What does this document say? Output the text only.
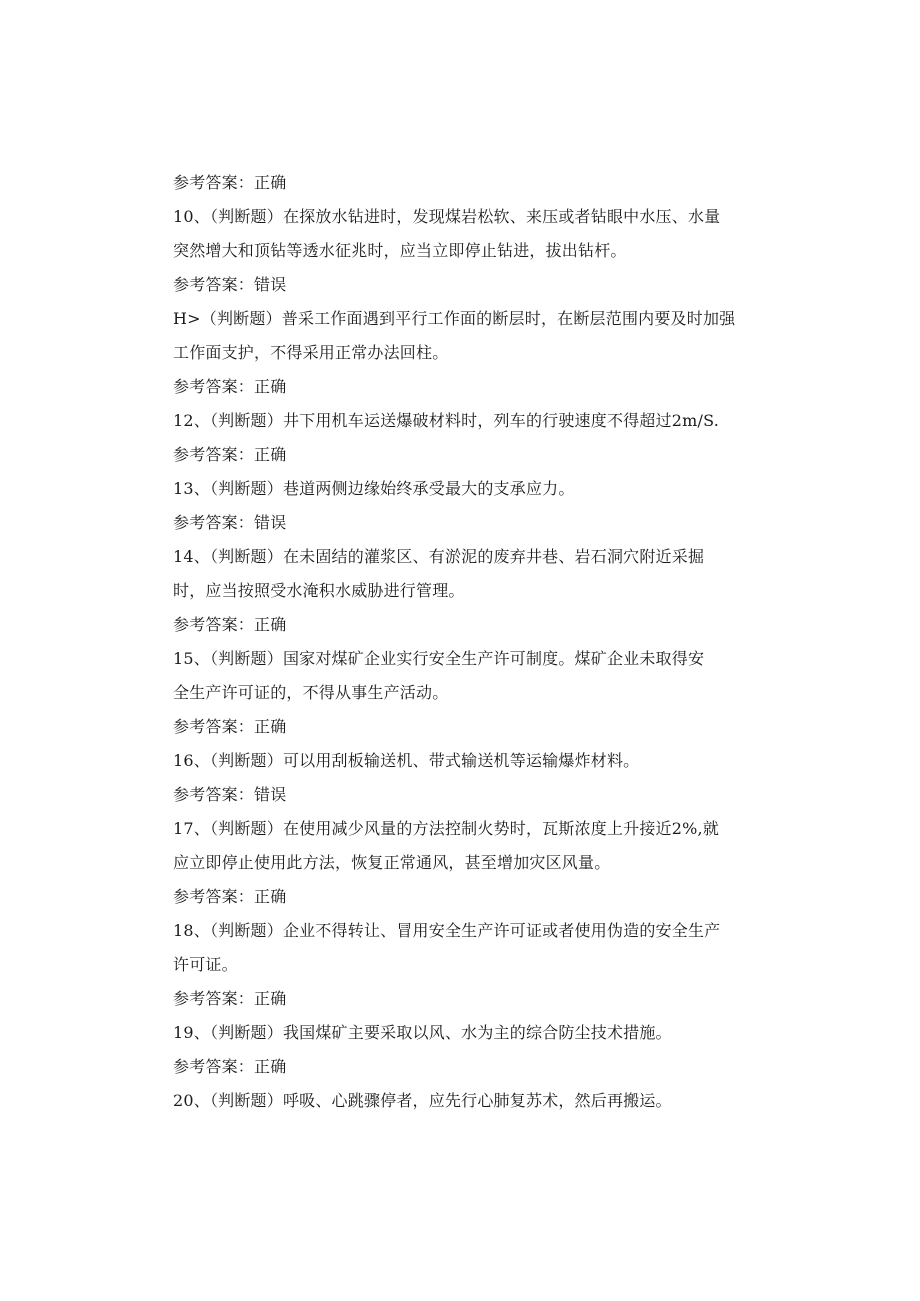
参考答案：正确
10、（判断题）在探放水钻进时，发现煤岩松软、来压或者钻眼中水压、水量
突然增大和顶钻等透水征兆时，应当立即停止钻进，拔出钻杆。
参考答案：错误
H>（判断题）普采工作面遇到平行工作面的断层时，在断层范围内要及时加强
工作面支护，不得采用正常办法回柱。
参考答案：正确
12、（判断题）井下用机车运送爆破材料时，列车的行驶速度不得超过2m/S.
参考答案：正确
13、（判断题）巷道两侧边缘始终承受最大的支承应力。
参考答案：错误
14、（判断题）在未固结的灌浆区、有淤泥的废弃井巷、岩石洞穴附近采掘
时，应当按照受水淹积水威胁进行管理。
参考答案：正确
15、（判断题）国家对煤矿企业实行安全生产许可制度。煤矿企业未取得安
全生产许可证的，不得从事生产活动。
参考答案：正确
16、（判断题）可以用刮板输送机、带式输送机等运输爆炸材料。
参考答案：错误
17、（判断题）在使用减少风量的方法控制火势时，瓦斯浓度上升接近2%,就
应立即停止使用此方法，恢复正常通风，甚至增加灾区风量。
参考答案：正确
18、（判断题）企业不得转让、冒用安全生产许可证或者使用伪造的安全生产
许可证。
参考答案：正确
19、（判断题）我国煤矿主要采取以风、水为主的综合防尘技术措施。
参考答案：正确
20、（判断题）呼吸、心跳骤停者，应先行心肺复苏术，然后再搬运。
